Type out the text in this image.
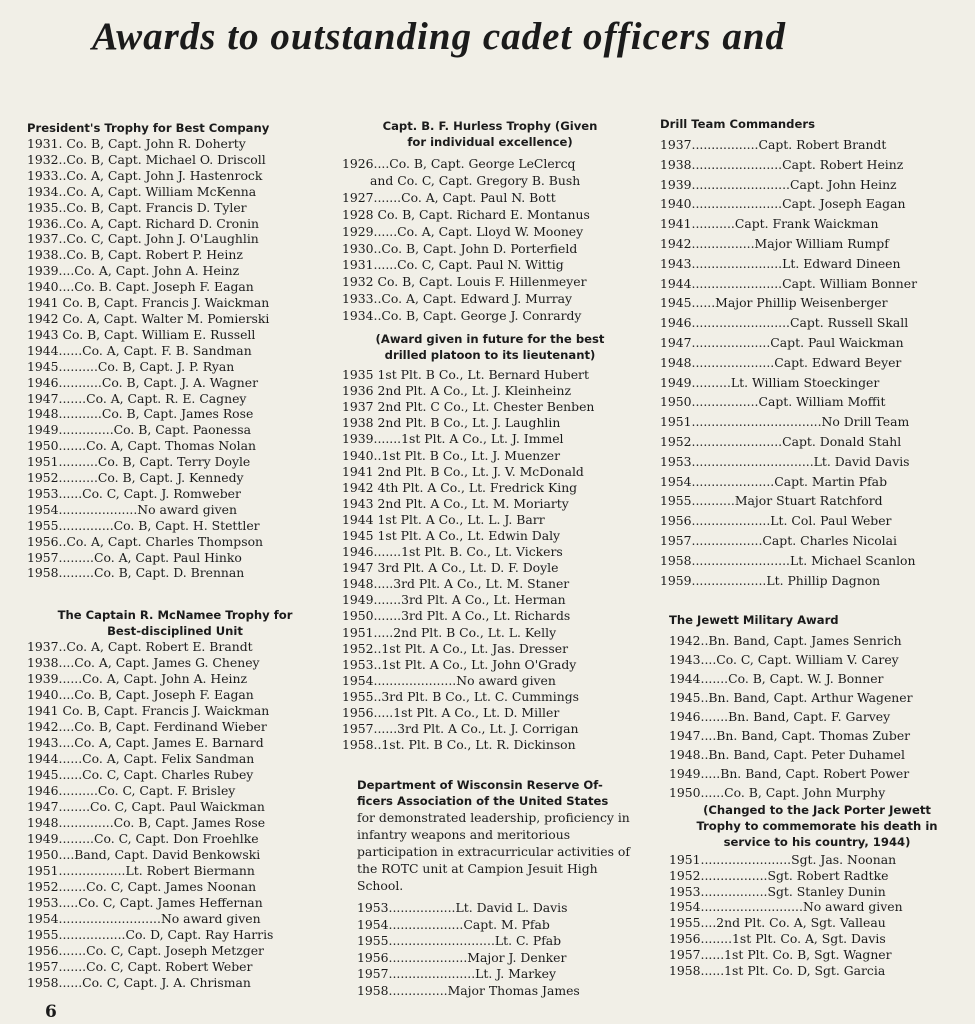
Awards to outstanding cadet officers and
President's Trophy for Best Company
1931. Co. B, Capt. John R. Doherty
1932..Co. B, Capt. Michael O. Driscoll
1933..Co. A, Capt. John J. Hastenrock
1934..Co. A, Capt. William McKenna
1935..Co. B, Capt. Francis D. Tyler
1936..Co. A, Capt. Richard D. Cronin
1937..Co. C, Capt. John J. O'Laughlin
1938..Co. B, Capt. Robert P. Heinz
1939....Co. A, Capt. John A. Heinz
1940....Co. B. Capt. Joseph F. Eagan
1941 Co. B, Capt. Francis J. Waickman
1942 Co. A, Capt. Walter M. Pomierski
1943 Co. B, Capt. William E. Russell
1944......Co. A, Capt. F. B. Sandman
1945..........Co. B, Capt. J. P. Ryan
1946...........Co. B, Capt. J. A. Wagner
1947.......Co. A, Capt. R. E. Cagney
1948...........Co. B, Capt. James Rose
1949..............Co. B, Capt. Paonessa
1950.......Co. A, Capt. Thomas Nolan
1951..........Co. B, Capt. Terry Doyle
1952..........Co. B, Capt. J. Kennedy
1953......Co. C, Capt. J. Romweber
1954....................No award given
1955..............Co. B, Capt. H. Stettler
1956..Co. A, Capt. Charles Thompson
1957.........Co. A, Capt. Paul Hinko
1958.........Co. B, Capt. D. Brennan
The Captain R. McNamee Trophy for
Best-disciplined Unit
1937..Co. A, Capt. Robert E. Brandt
1938....Co. A, Capt. James G. Cheney
1939......Co. A, Capt. John A. Heinz
1940....Co. B, Capt. Joseph F. Eagan
1941 Co. B, Capt. Francis J. Waickman
1942....Co. B, Capt. Ferdinand Wieber
1943....Co. A, Capt. James E. Barnard
1944......Co. A, Capt. Felix Sandman
1945......Co. C, Capt. Charles Rubey
1946..........Co. C, Capt. F. Brisley
1947........Co. C, Capt. Paul Waickman
1948..............Co. B, Capt. James Rose
1949.........Co. C, Capt. Don Froehlke
1950....Band, Capt. David Benkowski
1951.................Lt. Robert Biermann
1952.......Co. C, Capt. James Noonan
1953.....Co. C, Capt. James Heffernan
1954..........................No award given
1955.................Co. D, Capt. Ray Harris
1956.......Co. C, Capt. Joseph Metzger
1957.......Co. C, Capt. Robert Weber
1958......Co. C, Capt. J. A. Chrisman
Capt. B. F. Hurless Trophy (Given
for individual excellence)
1926....Co. B, Capt. George LeClercq
and Co. C, Capt. Gregory B. Bush
1927.......Co. A, Capt. Paul N. Bott
1928 Co. B, Capt. Richard E. Montanus
1929......Co. A, Capt. Lloyd W. Mooney
1930..Co. B, Capt. John D. Porterfield
1931......Co. C, Capt. Paul N. Wittig
1932 Co. B, Capt. Louis F. Hillenmeyer
1933..Co. A, Capt. Edward J. Murray
1934..Co. B, Capt. George J. Conrardy
(Award given in future for the best
drilled platoon to its lieutenant)
1935 1st Plt. B Co., Lt. Bernard Hubert
1936 2nd Plt. A Co., Lt. J. Kleinheinz
1937 2nd Plt. C Co., Lt. Chester Benben
1938 2nd Plt. B Co., Lt. J. Laughlin
1939.......1st Plt. A Co., Lt. J. Immel
1940..1st Plt. B Co., Lt. J. Muenzer
1941 2nd Plt. B Co., Lt. J. V. McDonald
1942 4th Plt. A Co., Lt. Fredrick King
1943 2nd Plt. A Co., Lt. M. Moriarty
1944 1st Plt. A Co., Lt. L. J. Barr
1945 1st Plt. A Co., Lt. Edwin Daly
1946.......1st Plt. B. Co., Lt. Vickers
1947 3rd Plt. A Co., Lt. D. F. Doyle
1948.....3rd Plt. A Co., Lt. M. Staner
1949.......3rd Plt. A Co., Lt. Herman
1950.......3rd Plt. A Co., Lt. Richards
1951.....2nd Plt. B Co., Lt. L. Kelly
1952..1st Plt. A Co., Lt. Jas. Dresser
1953..1st Plt. A Co., Lt. John O'Grady
1954.....................No award given
1955..3rd Plt. B Co., Lt. C. Cummings
1956.....1st Plt. A Co., Lt. D. Miller
1957......3rd Plt. A Co., Lt. J. Corrigan
1958..1st. Plt. B Co., Lt. R. Dickinson
Department of Wisconsin Reserve Of-
ficers Association of the United States
for demonstrated leadership, proficiency in infantry weapons and meritorious participation in extracurricular activities of the ROTC unit at Campion Jesuit High School.
1953.................Lt. David L. Davis
1954...................Capt. M. Pfab
1955...........................Lt. C. Pfab
1956....................Major J. Denker
1957......................Lt. J. Markey
1958...............Major Thomas James
Drill Team Commanders
1937.................Capt. Robert Brandt
1938.......................Capt. Robert Heinz
1939.........................Capt. John Heinz
1940.......................Capt. Joseph Eagan
1941...........Capt. Frank Waickman
1942................Major William Rumpf
1943.......................Lt. Edward Dineen
1944.......................Capt. William Bonner
1945......Major Phillip Weisenberger
1946.........................Capt. Russell Skall
1947....................Capt. Paul Waickman
1948.....................Capt. Edward Beyer
1949..........Lt. William Stoeckinger
1950.................Capt. William Moffit
1951.................................No Drill Team
1952.......................Capt. Donald Stahl
1953...............................Lt. David Davis
1954.....................Capt. Martin Pfab
1955...........Major Stuart Ratchford
1956....................Lt. Col. Paul Weber
1957..................Capt. Charles Nicolai
1958.........................Lt. Michael Scanlon
1959...................Lt. Phillip Dagnon
The Jewett Military Award
1942..Bn. Band, Capt. James Senrich
1943....Co. C, Capt. William V. Carey
1944.......Co. B, Capt. W. J. Bonner
1945..Bn. Band, Capt. Arthur Wagener
1946.......Bn. Band, Capt. F. Garvey
1947....Bn. Band, Capt. Thomas Zuber
1948..Bn. Band, Capt. Peter Duhamel
1949.....Bn. Band, Capt. Robert Power
1950......Co. B, Capt. John Murphy
(Changed to the Jack Porter Jewett
Trophy to commemorate his death in
service to his country, 1944)
1951.......................Sgt. Jas. Noonan
1952.................Sgt. Robert Radtke
1953.................Sgt. Stanley Dunin
1954..........................No award given
1955....2nd Plt. Co. A, Sgt. Valleau
1956........1st Plt. Co. A, Sgt. Davis
1957......1st Plt. Co. B, Sgt. Wagner
1958......1st Plt. Co. D, Sgt. Garcia
6
